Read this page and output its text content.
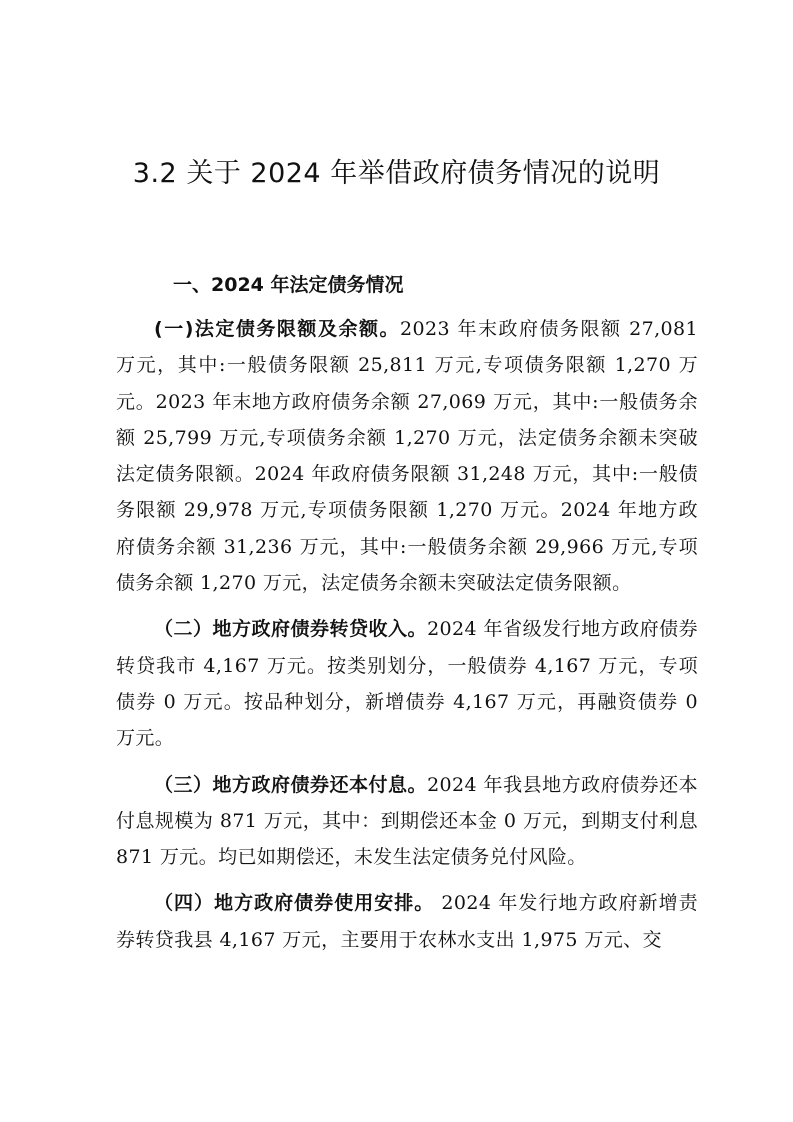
3.2 关于 2024 年举借政府债务情况的说明
一、2024 年法定债务情况

(一)法定债务限额及余额。2023 年末政府债务限额 27,081 万元，其中:一般债务限额 25,811 万元,专项债务限额 1,270 万元。2023 年末地方政府债务余额 27,069 万元，其中:一般债务余额 25,799 万元,专项债务余额 1,270 万元，法定债务余额未突破法定债务限额。2024 年政府债务限额 31,248 万元，其中:一般债务限额 29,978 万元,专项债务限额 1,270 万元。2024 年地方政府债务余额 31,236 万元，其中:一般债务余额 29,966 万元,专项债务余额 1,270 万元，法定债务余额未突破法定债务限额。

（二）地方政府债券转贷收入。2024 年省级发行地方政府债券转贷我市 4,167 万元。按类别划分，一般债券 4,167 万元，专项债券 0 万元。按品种划分，新增债券 4,167 万元，再融资债券 0 万元。

（三）地方政府债券还本付息。2024 年我县地方政府债券还本付息规模为 871 万元，其中：到期偿还本金 0 万元，到期支付利息 871 万元。均已如期偿还，未发生法定债务兑付风险。

（四）地方政府债券使用安排。 2024 年发行地方政府新增责券转贷我县 4,167 万元，主要用于农林水支出 1,975 万元、交
